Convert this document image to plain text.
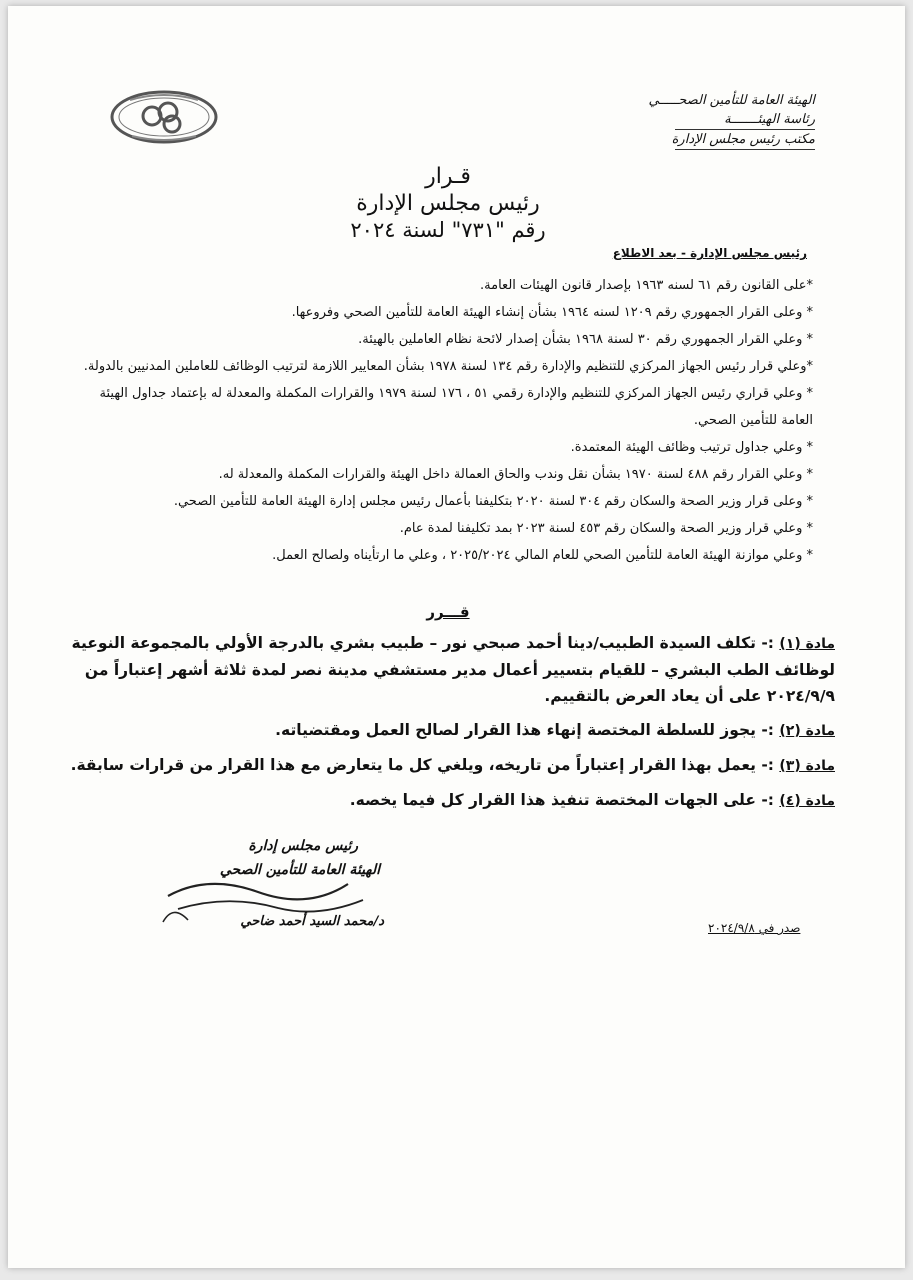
الهيئة العامة للتأمين الصحـــــي
رئاسة الهيئـــــــة
مكتب رئيس مجلس الإدارة
قـرار
رئيس مجلس الإدارة
رقم "٧٣١" لسنة ٢٠٢٤
رئيس مجلس الإدارة - بعد الاطلاع
*على القانون رقم ٦١ لسنه ١٩٦٣ بإصدار قانون الهيئات العامة.
* وعلى القرار الجمهوري رقم ١٢٠٩ لسنه ١٩٦٤ بشأن إنشاء الهيئة العامة للتأمين الصحي وفروعها.
* وعلي القرار الجمهوري رقم ٣٠ لسنة ١٩٦٨ بشأن إصدار لائحة نظام العاملين بالهيئة.
*وعلي قرار رئيس الجهاز المركزي للتنظيم والإدارة رقم ١٣٤ لسنة ١٩٧٨ بشأن المعايير اللازمة لترتيب الوظائف للعاملين المدنيين بالدولة.
* وعلي قراري رئيس الجهاز المركزي للتنظيم والإدارة رقمي ٥١ ، ١٧٦ لسنة ١٩٧٩ والقرارات المكملة والمعدلة له بإعتماد جداول الهيئة العامة للتأمين الصحي.
* وعلي جداول ترتيب وظائف الهيئة المعتمدة.
* وعلي القرار رقم ٤٨٨ لسنة ١٩٧٠ بشأن نقل وندب والحاق العمالة داخل الهيئة والقرارات المكملة والمعدلة له.
* وعلى قرار وزير الصحة والسكان رقم ٣٠٤ لسنة ٢٠٢٠ بتكليفنا بأعمال رئيس مجلس إدارة الهيئة العامة للتأمين الصحي.
* وعلي قرار وزير الصحة والسكان رقم ٤٥٣ لسنة ٢٠٢٣ بمد تكليفنا لمدة عام.
* وعلي موازنة الهيئة العامة للتأمين الصحي للعام المالي ٢٠٢٥/٢٠٢٤ ، وعلي ما ارتأيناه ولصالح العمل.
قـــرر
مادة (١) :- تكلف السيدة الطبيب/دينا أحمد صبحي نور – طبيب بشري بالدرجة الأولي بالمجموعة النوعية لوظائف الطب البشري – للقيام بتسيير أعمال مدير مستشفي مدينة نصر لمدة ثلاثة أشهر إعتباراً من ٢٠٢٤/٩/٩ على أن يعاد العرض بالتقييم.
مادة (٢) :- يجوز للسلطة المختصة إنهاء هذا القرار لصالح العمل ومقتضياته.
مادة (٣) :- يعمل بهذا القرار إعتباراً من تاريخه، ويلغي كل ما يتعارض مع هذا القرار من قرارات سابقة.
مادة (٤) :- على الجهات المختصة تنفيذ هذا القرار كل فيما يخصه.
رئيس مجلس إدارة
الهيئة العامة للتأمين الصحي
د/محمد السيد أحمد ضاحي	صدر في ٢٠٢٤/٩/٨
